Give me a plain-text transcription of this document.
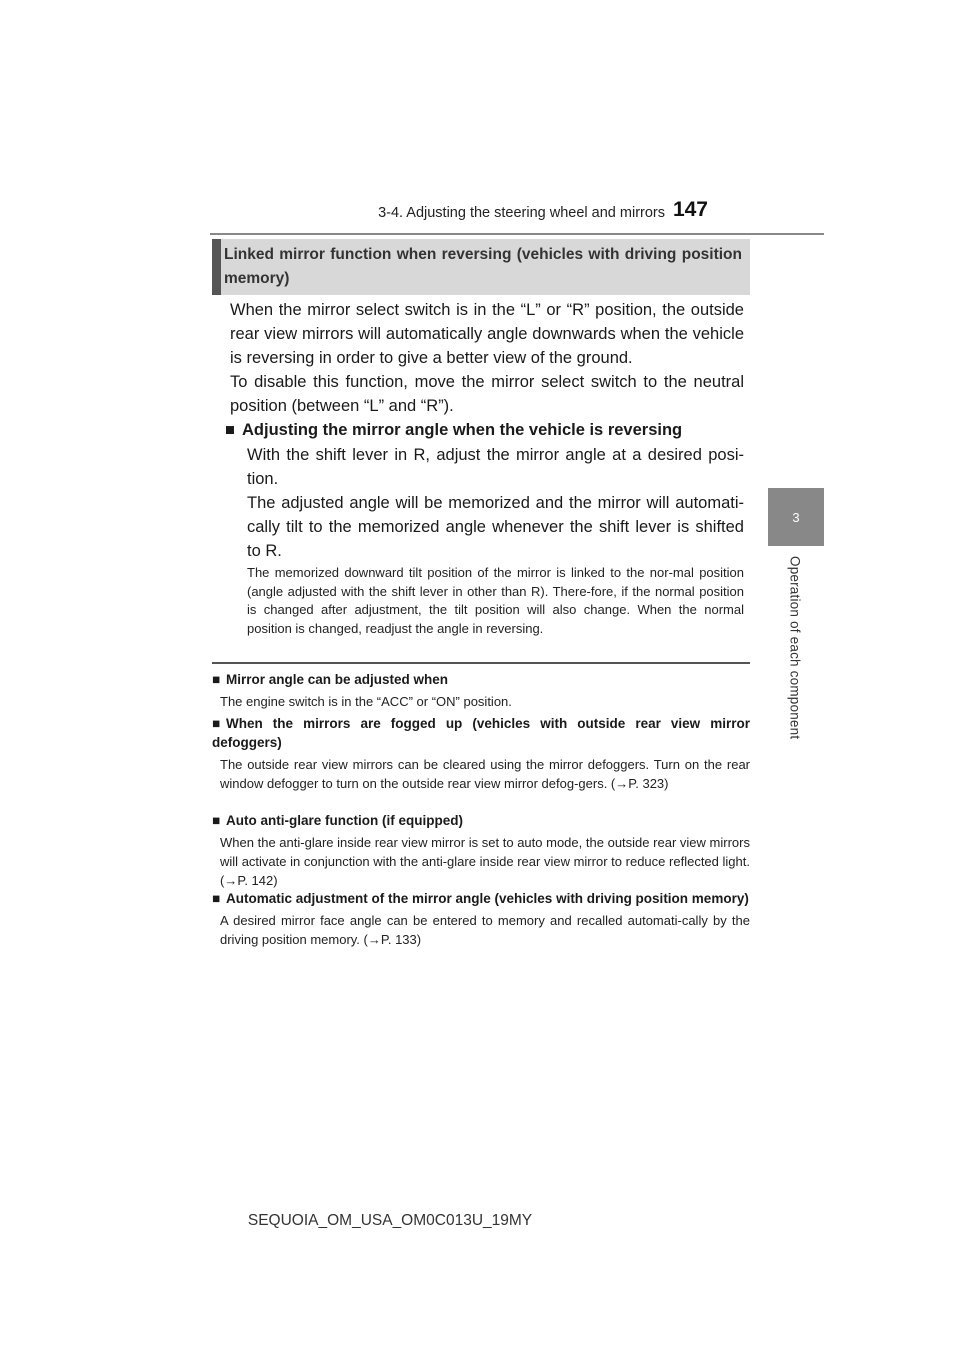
3-4. Adjusting the steering wheel and mirrors 147
3
Operation of each component
Linked mirror function when reversing (vehicles with driving position memory)

When the mirror select switch is in the “L” or “R” position, the outside rear view mirrors will automatically angle downwards when the vehicle is reversing in order to give a better view of the ground.

To disable this function, move the mirror select switch to the neutral position (between “L” and “R”).

■ Adjusting the mirror angle when the vehicle is reversing

With the shift lever in R, adjust the mirror angle at a desired posi-tion.

The adjusted angle will be memorized and the mirror will automati-cally tilt to the memorized angle whenever the shift lever is shifted to R.

The memorized downward tilt position of the mirror is linked to the nor-mal position (angle adjusted with the shift lever in other than R). There-fore, if the normal position is changed after adjustment, the tilt position will also change. When the normal position is changed, readjust the angle in reversing.

■ Mirror angle can be adjusted when
The engine switch is in the “ACC” or “ON” position.
■ When the mirrors are fogged up (vehicles with outside rear view mirror defoggers)
The outside rear view mirrors can be cleared using the mirror defoggers. Turn on the rear window defogger to turn on the outside rear view mirror defog-gers. (→P. 323)
■ Auto anti-glare function (if equipped)
When the anti-glare inside rear view mirror is set to auto mode, the outside rear view mirrors will activate in conjunction with the anti-glare inside rear view mirror to reduce reflected light. (→P. 142)
■ Automatic adjustment of the mirror angle (vehicles with driving position memory)
A desired mirror face angle can be entered to memory and recalled automati-cally by the driving position memory. (→P. 133)
SEQUOIA_OM_USA_OM0C013U_19MY
